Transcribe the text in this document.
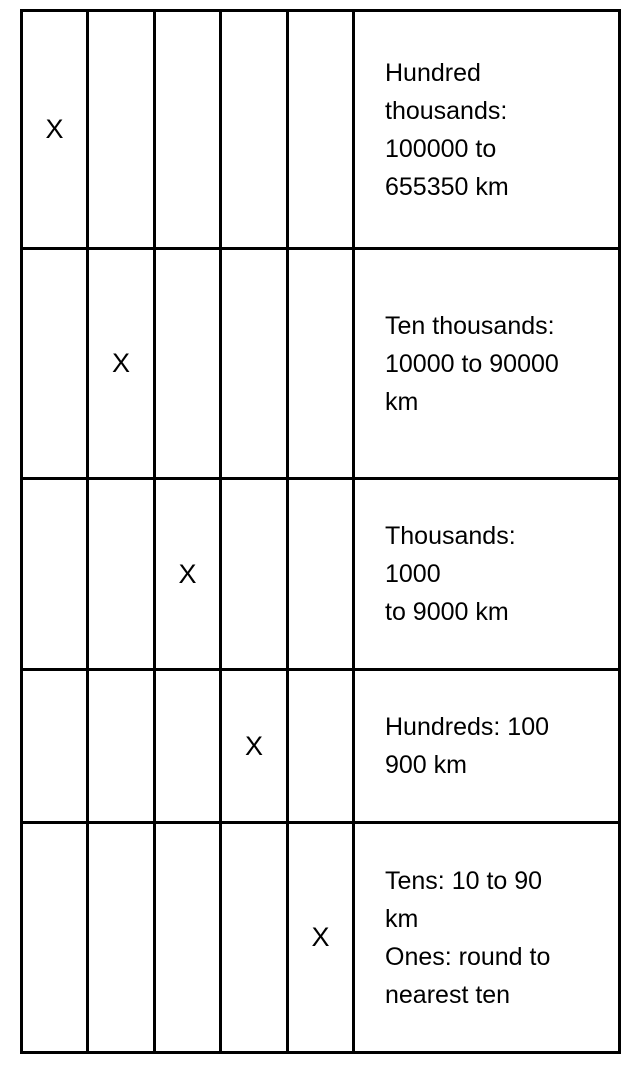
X					Hundred
thousands:
100000 to
655350 km
	X				Ten thousands:
10000 to 90000
km
		X			Thousands:
1000
to 9000 km
			X		Hundreds: 100
900 km
				X	Tens: 10 to 90
km
Ones: round to
nearest ten
